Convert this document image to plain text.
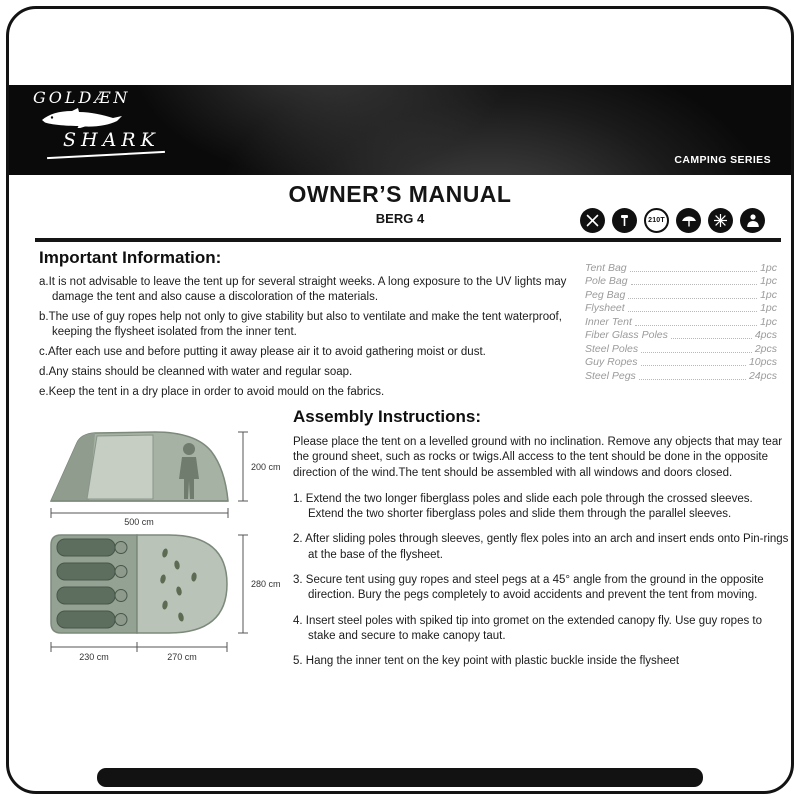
GOLDÆN
SHARK
CAMPING SERIES
OWNER’S MANUAL
BERG 4	210T
Important Information:
a.It is not advisable to leave the tent up for several straight weeks. A long exposure to the UV lights may damage the tent and also cause a discoloration of the materials.
b.The use of guy ropes help not only to give stability but also to ventilate and make the tent waterproof, keeping the flysheet isolated from the inner tent.
c.After each use and before putting it away please air it to avoid gathering moist or dust.
d.Any stains should be cleanned with water and regular soap.
e.Keep the tent in a dry place in order to avoid mould on the fabrics.
Tent Bag	1pc
Pole Bag	1pc
Peg Bag	1pc
Flysheet	1pc
Inner Tent	1pc
Fiber Glass Poles	4pcs
Steel Poles	2pcs
Guy Ropes	10pcs
Steel Pegs	24pcs
200 cm
500 cm
280 cm
230 cm	270 cm
Assembly Instructions:
Please place the tent on a levelled ground with no inclination. Remove any objects that may tear the ground sheet, such as rocks or twigs.All access to the tent should be done in the opposite direction of the wind.The tent should be assembled with all windows and doors closed.
1. Extend the two longer fiberglass poles and slide each pole through the crossed sleeves. Extend the two shorter fiberglass poles and slide them through the parallel sleeves.
2. After sliding poles through sleeves, gently flex poles into an arch and insert ends onto Pin-rings at the base of the flysheet.
3. Secure tent using guy ropes and steel pegs at a 45° angle from the ground in the opposite direction. Bury the pegs completely to avoid accidents and prevent the tent from moving.
4. Insert steel poles with spiked tip into gromet on the extended canopy fly. Use guy ropes to stake and secure to make canopy taut.
5. Hang the inner tent on the key point with plastic buckle inside the flysheet
